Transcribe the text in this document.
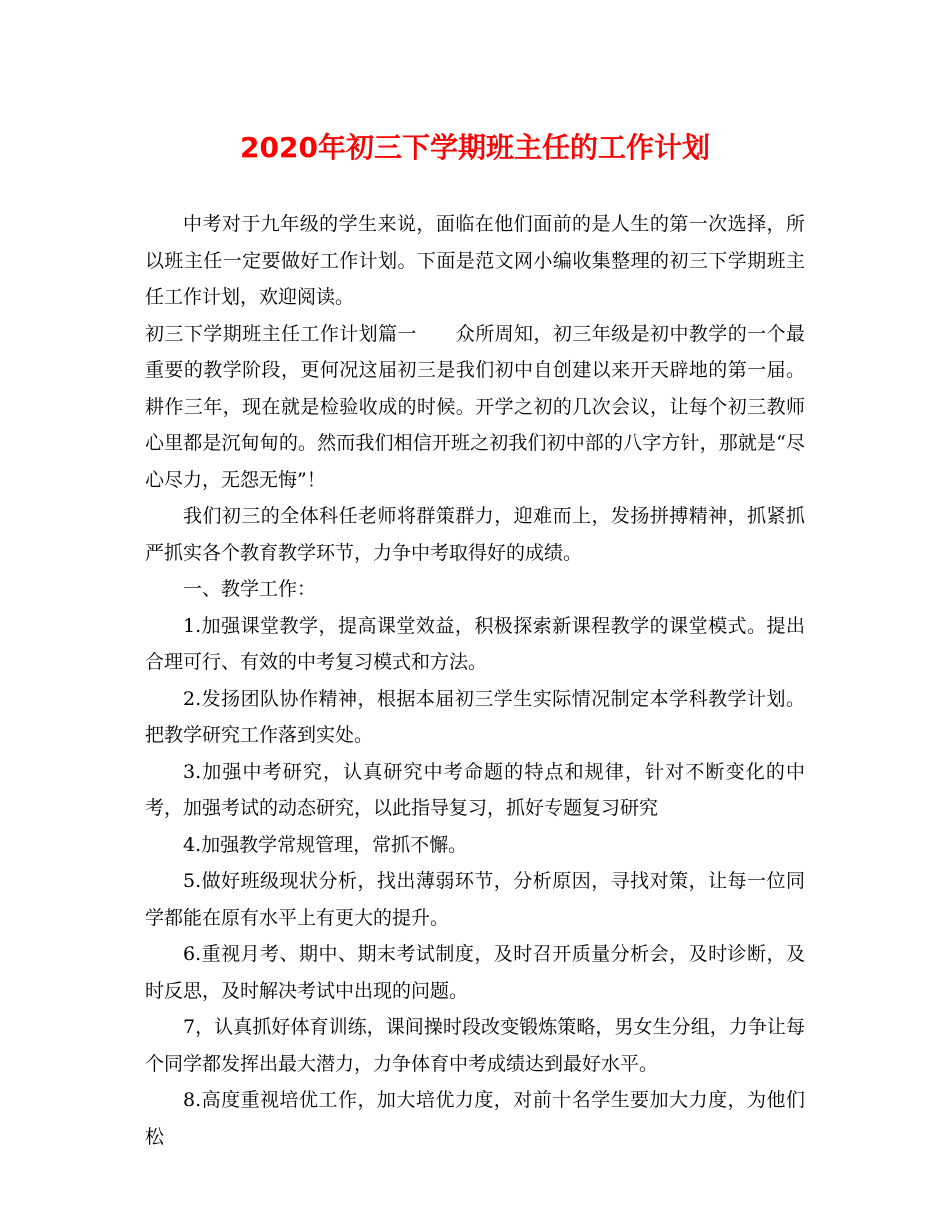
2020年初三下学期班主任的工作计划

中考对于九年级的学生来说，面临在他们面前的是人生的第一次选择，所以班主任一定要做好工作计划。下面是范文网小编收集整理的初三下学期班主任工作计划，欢迎阅读。

初三下学期班主任工作计划篇一　　众所周知，初三年级是初中教学的一个最重要的教学阶段，更何况这届初三是我们初中自创建以来开天辟地的第一届。耕作三年，现在就是检验收成的时候。开学之初的几次会议，让每个初三教师心里都是沉甸甸的。然而我们相信开班之初我们初中部的八字方针，那就是“尽心尽力，无怨无悔”！

我们初三的全体科任老师将群策群力，迎难而上，发扬拼搏精神，抓紧抓严抓实各个教育教学环节，力争中考取得好的成绩。

一、教学工作：

1.加强课堂教学，提高课堂效益，积极探索新课程教学的课堂模式。提出合理可行、有效的中考复习模式和方法。

2.发扬团队协作精神，根据本届初三学生实际情况制定本学科教学计划。把教学研究工作落到实处。

3.加强中考研究，认真研究中考命题的特点和规律，针对不断变化的中考，加强考试的动态研究，以此指导复习，抓好专题复习研究

4.加强教学常规管理，常抓不懈。

5.做好班级现状分析，找出薄弱环节，分析原因，寻找对策，让每一位同学都能在原有水平上有更大的提升。

6.重视月考、期中、期末考试制度，及时召开质量分析会，及时诊断，及时反思，及时解决考试中出现的问题。

7，认真抓好体育训练，课间操时段改变锻炼策略，男女生分组，力争让每个同学都发挥出最大潜力，力争体育中考成绩达到最好水平。

8.高度重视培优工作，加大培优力度，对前十名学生要加大力度，为他们松
